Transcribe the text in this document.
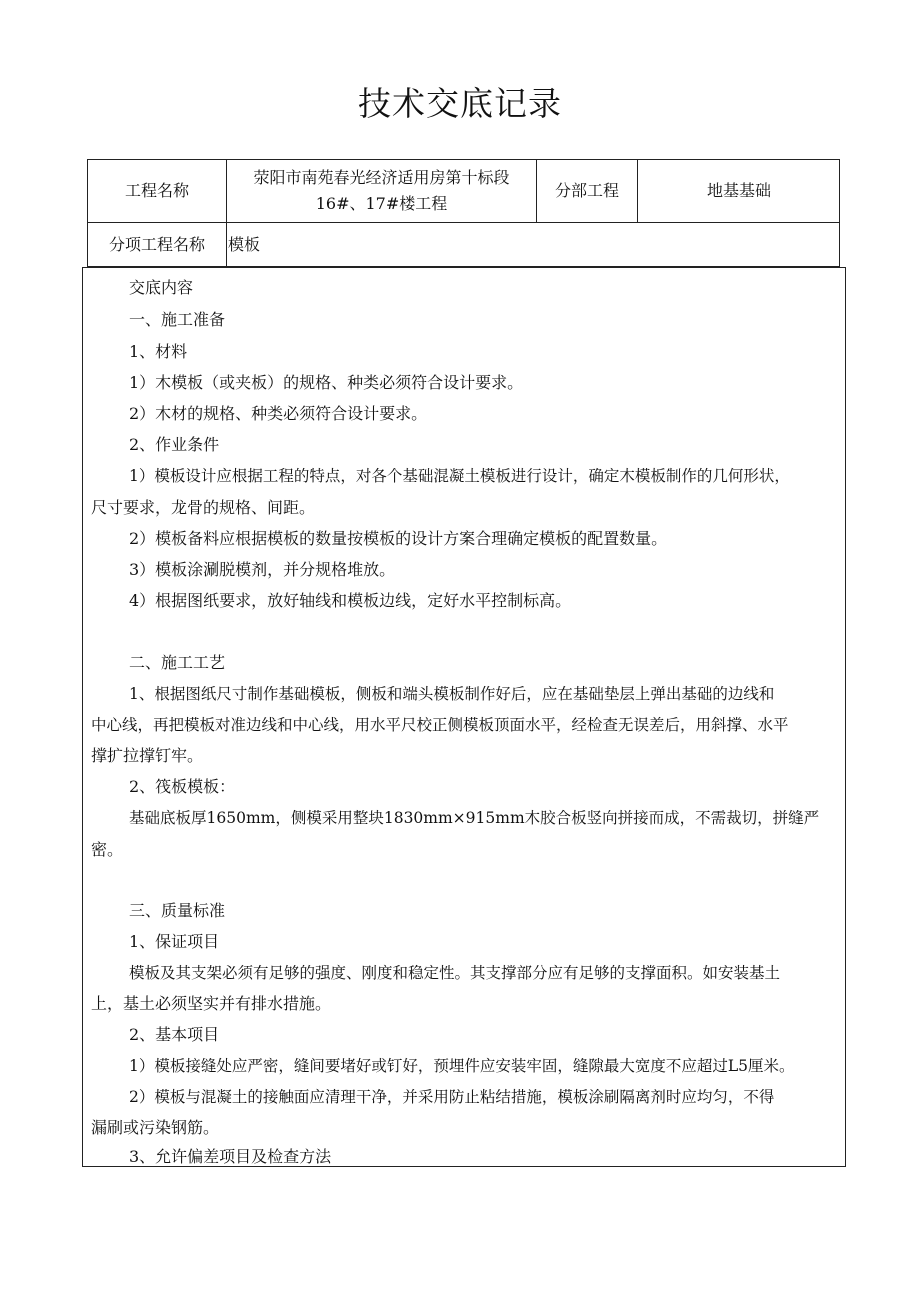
技术交底记录
工程名称
荥阳市南苑春光经济适用房第十标段
16#、17#楼工程
分部工程	地基基础
分项工程名称	模板
交底内容
一、施工准备
1、材料
1）木模板（或夹板）的规格、种类必须符合设计要求。
2）木材的规格、种类必须符合设计要求。
2、作业条件
1）模板设计应根据工程的特点，对各个基础混凝土模板进行设计，确定木模板制作的几何形状，
尺寸要求，龙骨的规格、间距。
2）模板备料应根据模板的数量按模板的设计方案合理确定模板的配置数量。
3）模板涂涮脱模剂，并分规格堆放。
4）根据图纸要求，放好轴线和模板边线，定好水平控制标高。
二、施工工艺
1、根据图纸尺寸制作基础模板，侧板和端头模板制作好后，应在基础垫层上弹出基础的边线和
中心线，再把模板对准边线和中心线，用水平尺校正侧模板顶面水平，经检查无误差后，用斜撑、水平
撑扩拉撑钉牢。
2、筏板模板：
基础底板厚1650mm，侧模采用整块1830mm×915mm木胶合板竖向拼接而成，不需裁切，拼缝严
密。
三、质量标准
1、保证项目
模板及其支架必须有足够的强度、刚度和稳定性。其支撑部分应有足够的支撑面积。如安装基土
上，基土必须坚实并有排水措施。
2、基本项目
1）模板接缝处应严密，缝间要堵好或钉好，预埋件应安装牢固，缝隙最大宽度不应超过L5厘米。
2）模板与混凝土的接触面应清理干净，并采用防止粘结措施，模板涂刷隔离剂时应均匀，不得
漏刷或污染钢筋。
3、允许偏差项目及检查方法
